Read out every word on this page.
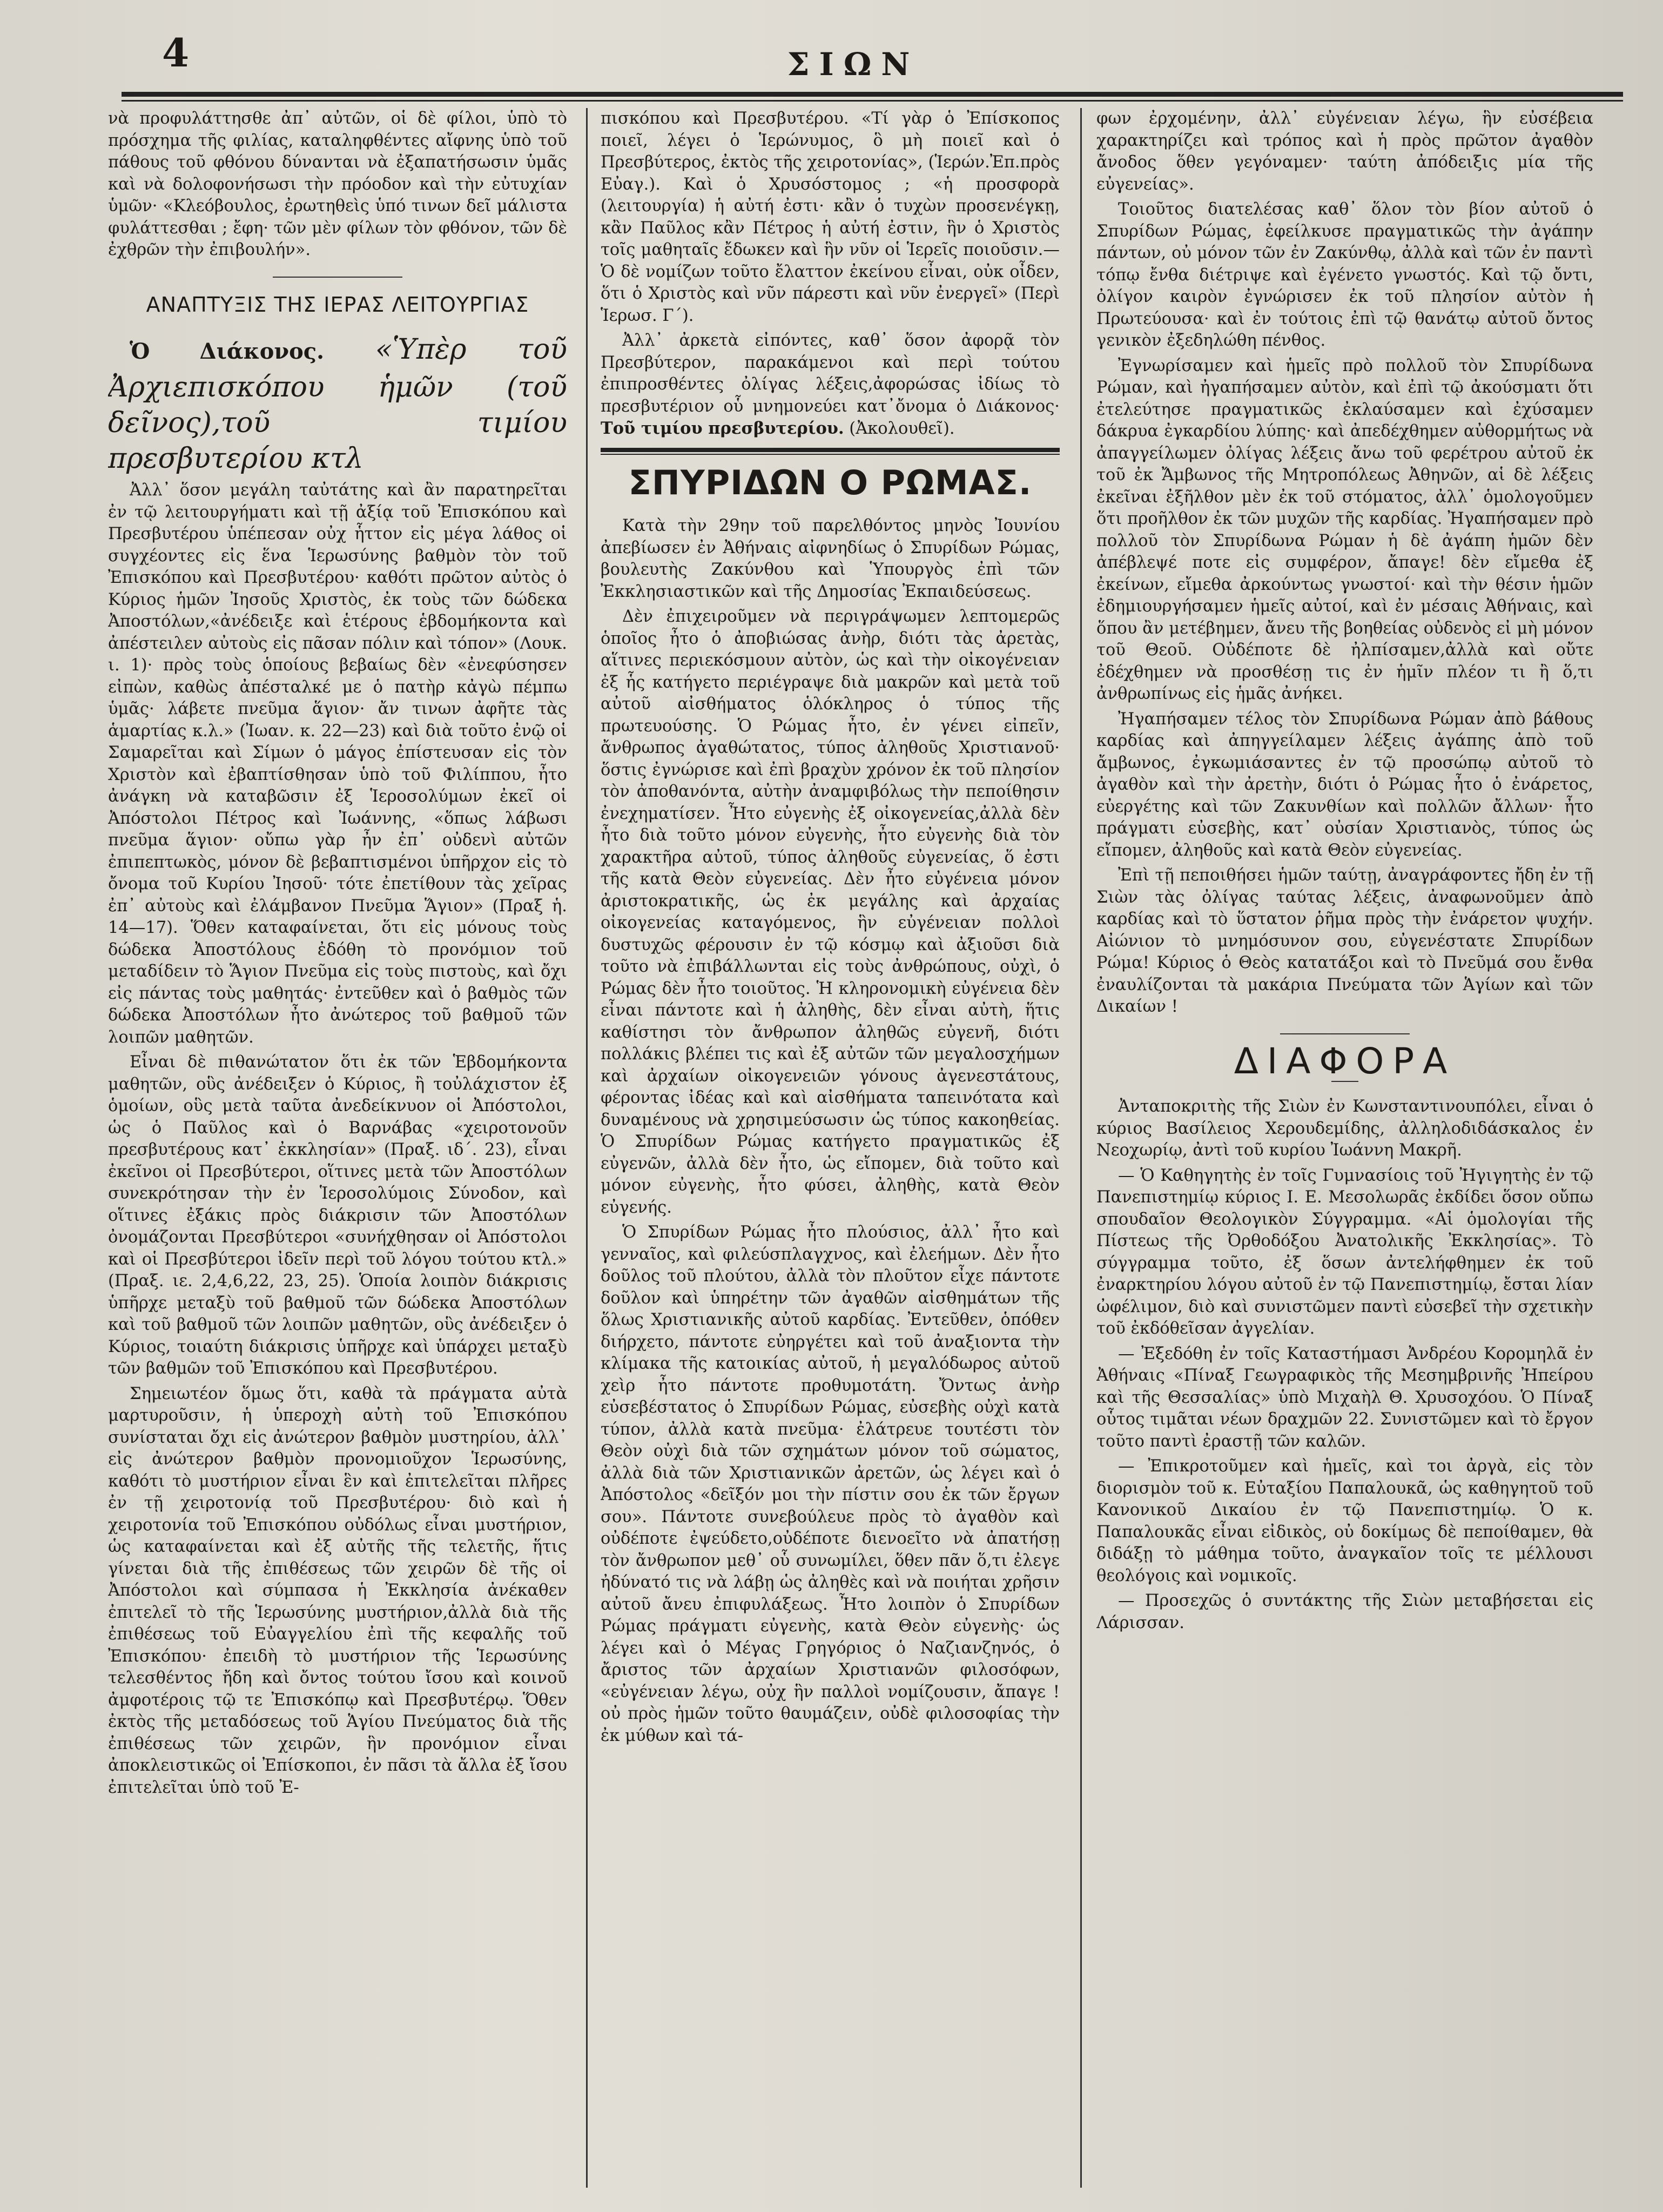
4	ΣΙΩΝ

νὰ προφυλάττησθε ἀπ᾽ αὐτῶν, οἱ δὲ φίλοι, ὑπὸ τὸ πρόσχημα τῆς φιλίας, καταληφθέντες αἴφνης ὑπὸ τοῦ πάθους τοῦ φθόνου δύνανται νὰ ἐξαπατήσωσιν ὑμᾶς καὶ νὰ δολοφονήσωσι τὴν πρόοδον καὶ τὴν εὐτυχίαν ὑμῶν· «Κλεόβουλος, ἐρωτηθεὶς ὑπό τινων δεῖ μάλιστα φυλάττεσθαι ; ἔφη· τῶν μὲν φίλων τὸν φθόνον, τῶν δὲ ἐχθρῶν τὴν ἐπιβουλήν».

ΑΝΑΠΤΥΞΙΣ ΤΗΣ ΙΕΡΑΣ ΛΕΙΤΟΥΡΓΙΑΣ

Ὁ Διάκονος. «Ὑπὲρ τοῦ Ἀρχιεπισκόπου ἡμῶν (τοῦ δεῖνος),τοῦ τιμίου πρεσβυτερίου κτλ

Ἀλλ᾽ ὅσον μεγάλη ταὐτάτης καὶ ἂν παρατηρεῖται ἐν τῷ λειτουργήματι καὶ τῇ ἀξίᾳ τοῦ Ἐπισκόπου καὶ Πρεσβυτέρου ὑπέπεσαν οὐχ ἧττον εἰς μέγα λάθος οἱ συγχέοντες εἰς ἕνα Ἱερωσύνης βαθμὸν τὸν τοῦ Ἐπισκόπου καὶ Πρεσβυτέρου· καθότι πρῶτον αὐτὸς ὁ Κύριος ἡμῶν Ἰησοῦς Χριστὸς, ἐκ τοὺς τῶν δώδεκα Ἀποστόλων,«ἀνέδειξε καὶ ἑτέρους ἑβδομήκοντα καὶ ἀπέστειλεν αὐτοὺς εἰς πᾶσαν πόλιν καὶ τόπον» (Λουκ. ι. 1)· πρὸς τοὺς ὁποίους βεβαίως δὲν «ἐνεφύσησεν εἰπὼν, καθὼς ἀπέσταλκέ με ὁ πατὴρ κἀγὼ πέμπω ὑμᾶς· λάβετε πνεῦμα ἅγιον· ἄν τινων ἀφῆτε τὰς ἁμαρτίας κ.λ.» (Ἰωαν. κ. 22—23) καὶ διὰ τοῦτο ἐνῷ οἱ Σαμαρεῖται καὶ Σίμων ὁ μάγος ἐπίστευσαν εἰς τὸν Χριστὸν καὶ ἐβαπτίσθησαν ὑπὸ τοῦ Φιλίππου, ἦτο ἀνάγκη νὰ καταβῶσιν ἐξ Ἱεροσολύμων ἐκεῖ οἱ Ἀπόστολοι Πέτρος καὶ Ἰωάννης, «ὅπως λάβωσι πνεῦμα ἅγιον· οὔπω γὰρ ἦν ἐπ᾽ οὐδενὶ αὐτῶν ἐπιπεπτωκὸς, μόνον δὲ βεβαπτισμένοι ὑπῆρχον εἰς τὸ ὄνομα τοῦ Κυρίου Ἰησοῦ· τότε ἐπετίθουν τὰς χεῖρας ἐπ᾽ αὐτοὺς καὶ ἐλάμβανον Πνεῦμα Ἅγιον» (Πραξ ἡ. 14—17). Ὅθεν καταφαίνεται, ὅτι εἰς μόνους τοὺς δώδεκα Ἀποστόλους ἐδόθη τὸ προνόμιον τοῦ μεταδίδειν τὸ Ἅγιον Πνεῦμα εἰς τοὺς πιστοὺς, καὶ ὄχι εἰς πάντας τοὺς μαθητάς· ἐντεῦθεν καὶ ὁ βαθμὸς τῶν δώδεκα Ἀποστόλων ἦτο ἀνώτερος τοῦ βαθμοῦ τῶν λοιπῶν μαθητῶν.

Εἶναι δὲ πιθανώτατον ὅτι ἐκ τῶν Ἑβδομήκοντα μαθητῶν, οὓς ἀνέδειξεν ὁ Κύριος, ἢ τοὐλάχιστον ἐξ ὁμοίων, οὓς μετὰ ταῦτα ἀνεδείκνυον οἱ Ἀπόστολοι, ὡς ὁ Παῦλος καὶ ὁ Βαρνάβας «χειροτονοῦν πρεσβυτέρους κατ᾽ ἐκκλησίαν» (Πραξ. ιδ΄. 23), εἶναι ἐκεῖνοι οἱ Πρεσβύτεροι, οἵτινες μετὰ τῶν Ἀποστόλων συνεκρότησαν τὴν ἐν Ἱεροσολύμοις Σύνοδον, καὶ οἵτινες ἐξάκις πρὸς διάκρισιν τῶν Ἀποστόλων ὀνομάζονται Πρεσβύτεροι «συνήχθησαν οἱ Ἀπόστολοι καὶ οἱ Πρεσβύτεροι ἰδεῖν περὶ τοῦ λόγου τούτου κτλ.» (Πραξ. ιε. 2,4,6,22, 23, 25). Ὁποία λοιπὸν διάκρισις ὑπῆρχε μεταξὺ τοῦ βαθμοῦ τῶν δώδεκα Ἀποστόλων καὶ τοῦ βαθμοῦ τῶν λοιπῶν μαθητῶν, οὓς ἀνέδειξεν ὁ Κύριος, τοιαύτη διάκρισις ὑπῆρχε καὶ ὑπάρχει μεταξὺ τῶν βαθμῶν τοῦ Ἐπισκόπου καὶ Πρεσβυτέρου.

Σημειωτέον ὅμως ὅτι, καθὰ τὰ πράγματα αὐτὰ μαρτυροῦσιν, ἡ ὑπεροχὴ αὐτὴ τοῦ Ἐπισκόπου συνίσταται ὄχι εἰς ἀνώτερον βαθμὸν μυστηρίου, ἀλλ᾽ εἰς ἀνώτερον βαθμὸν προνομιοῦχον Ἱερωσύνης, καθότι τὸ μυστήριον εἶναι ἓν καὶ ἐπιτελεῖται πλῆρες ἐν τῇ χειροτονίᾳ τοῦ Πρεσβυτέρου· διὸ καὶ ἡ χειροτονία τοῦ Ἐπισκόπου οὐδόλως εἶναι μυστήριον, ὡς καταφαίνεται καὶ ἐξ αὐτῆς τῆς τελετῆς, ἥτις γίνεται διὰ τῆς ἐπιθέσεως τῶν χειρῶν δὲ τῆς οἱ Ἀπόστολοι καὶ σύμπασα ἡ Ἐκκλησία ἀνέκαθεν ἐπιτελεῖ τὸ τῆς Ἱερωσύνης μυστήριον,ἀλλὰ διὰ τῆς ἐπιθέσεως τοῦ Εὐαγγελίου ἐπὶ τῆς κεφαλῆς τοῦ Ἐπισκόπου· ἐπειδὴ τὸ μυστήριον τῆς Ἱερωσύνης τελεσθέντος ἤδη καὶ ὄντος τούτου ἴσου καὶ κοινοῦ ἀμφοτέροις τῷ τε Ἐπισκόπῳ καὶ Πρεσβυτέρῳ. Ὅθεν ἐκτὸς τῆς μεταδόσεως τοῦ Ἁγίου Πνεύματος διὰ τῆς ἐπιθέσεως τῶν χειρῶν, ἣν προνόμιον εἶναι ἀποκλειστικῶς οἱ Ἐπίσκοποι, ἐν πᾶσι τὰ ἄλλα ἐξ ἴσου ἐπιτελεῖται ὑπὸ τοῦ Ἐ-

πισκόπου καὶ Πρεσβυτέρου. «Τί γὰρ ὁ Ἐπίσκοπος ποιεῖ, λέγει ὁ Ἱερώνυμος, ὃ μὴ ποιεῖ καὶ ὁ Πρεσβύτερος, ἐκτὸς τῆς χειροτονίας», (Ἱερών.Ἐπ.πρὸς Εὐαγ.). Καὶ ὁ Χρυσόστομος ; «ἡ προσφορὰ (λειτουργία) ἡ αὐτή ἐστι· κἂν ὁ τυχὼν προσενέγκῃ, κἂν Παῦλος κἂν Πέτρος ἡ αὐτή ἐστιν, ἣν ὁ Χριστὸς τοῖς μαθηταῖς ἔδωκεν καὶ ἣν νῦν οἱ Ἱερεῖς ποιοῦσιν.—Ὁ δὲ νομίζων τοῦτο ἔλαττον ἐκείνου εἶναι, οὐκ οἶδεν, ὅτι ὁ Χριστὸς καὶ νῦν πάρεστι καὶ νῦν ἐνεργεῖ» (Περὶ Ἱερωσ. Γ΄).

Ἀλλ᾽ ἀρκετὰ εἰπόντες, καθ᾽ ὅσον ἀφορᾷ τὸν Πρεσβύτερον, παρακάμενοι καὶ περὶ τούτου ἐπιπροσθέντες ὀλίγας λέξεις,ἀφορώσας ἰδίως τὸ πρεσβυτέριον οὗ μνημονεύει κατ᾽ὄνομα ὁ Διάκονος· Τοῦ τιμίου πρεσβυτερίου. (Ἀκολουθεῖ).

ΣΠΥΡΙΔΩΝ Ο ΡΩΜΑΣ.

Κατὰ τὴν 29ην τοῦ παρελθόντος μηνὸς Ἰουνίου ἀπεβίωσεν ἐν Ἀθήναις αἰφνηδίως ὁ Σπυρίδων Ρώμας, βουλευτὴς Ζακύνθου καὶ Ὑπουργὸς ἐπὶ τῶν Ἐκκλησιαστικῶν καὶ τῆς Δημοσίας Ἐκπαιδεύσεως.

Δὲν ἐπιχειροῦμεν νὰ περιγράψωμεν λεπτομερῶς ὁποῖος ἦτο ὁ ἀποβιώσας ἀνὴρ, διότι τὰς ἀρετὰς, αἵτινες περιεκόσμουν αὐτὸν, ὡς καὶ τὴν οἰκογένειαν ἐξ ἧς κατήγετο περιέγραψε διὰ μακρῶν καὶ μετὰ τοῦ αὐτοῦ αἰσθήματος ὁλόκληρος ὁ τύπος τῆς πρωτευούσης. Ὁ Ρώμας ἦτο, ἐν γένει εἰπεῖν, ἄνθρωπος ἀγαθώτατος, τύπος ἀληθοῦς Χριστιανοῦ· ὅστις ἐγνώρισε καὶ ἐπὶ βραχὺν χρόνον ἐκ τοῦ πλησίον τὸν ἀποθανόντα, αὐτὴν ἀναμφιβόλως τὴν πεποίθησιν ἐνεχηματίσεν. Ἦτο εὐγενὴς ἐξ οἰκογενείας,ἀλλὰ δὲν ἦτο διὰ τοῦτο μόνον εὐγενὴς, ἦτο εὐγενὴς διὰ τὸν χαρακτῆρα αὐτοῦ, τύπος ἀληθοῦς εὐγενείας, ὅ ἐστι τῆς κατὰ Θεὸν εὐγενείας. Δὲν ἦτο εὐγένεια μόνον ἀριστοκρατικῆς, ὡς ἐκ μεγάλης καὶ ἀρχαίας οἰκογενείας καταγόμενος, ἣν εὐγένειαν πολλοὶ δυστυχῶς φέρουσιν ἐν τῷ κόσμῳ καὶ ἀξιοῦσι διὰ τοῦτο νὰ ἐπιβάλλωνται εἰς τοὺς ἀνθρώπους, οὐχὶ, ὁ Ρώμας δὲν ἦτο τοιοῦτος. Ἡ κληρονομικὴ εὐγένεια δὲν εἶναι πάντοτε καὶ ἡ ἀληθὴς, δὲν εἶναι αὐτὴ, ἥτις καθίστησι τὸν ἄνθρωπον ἀληθῶς εὐγενῆ, διότι πολλάκις βλέπει τις καὶ ἐξ αὐτῶν τῶν μεγαλοσχήμων καὶ ἀρχαίων οἰκογενειῶν γόνους ἀγενεστάτους, φέροντας ἰδέας καὶ καὶ αἰσθήματα ταπεινότατα καὶ δυναμένους νὰ χρησιμεύσωσιν ὡς τύπος κακοηθείας. Ὁ Σπυρίδων Ρώμας κατήγετο πραγματικῶς ἐξ εὐγενῶν, ἀλλὰ δὲν ἦτο, ὡς εἴπομεν, διὰ τοῦτο καὶ μόνον εὐγενὴς, ἦτο φύσει, ἀληθὴς, κατὰ Θεὸν εὐγενής.

Ὁ Σπυρίδων Ρώμας ἦτο πλούσιος, ἀλλ᾽ ἦτο καὶ γενναῖος, καὶ φιλεύσπλαγχνος, καὶ ἐλεήμων. Δὲν ἦτο δοῦλος τοῦ πλούτου, ἀλλὰ τὸν πλοῦτον εἶχε πάντοτε δοῦλον καὶ ὑπηρέτην τῶν ἀγαθῶν αἰσθημάτων τῆς ὅλως Χριστιανικῆς αὐτοῦ καρδίας. Ἐντεῦθεν, ὁπόθεν διήρχετο, πάντοτε εὐηργέτει καὶ τοῦ ἀναξιοντα τὴν κλίμακα τῆς κατοικίας αὐτοῦ, ἡ μεγαλόδωρος αὐτοῦ χεὶρ ἦτο πάντοτε προθυμοτάτη. Ὄντως ἀνὴρ εὐσεβέστατος ὁ Σπυρίδων Ρώμας, εὐσεβὴς οὐχὶ κατὰ τύπον, ἀλλὰ κατὰ πνεῦμα· ἐλάτρευε τουτέστι τὸν Θεὸν οὐχὶ διὰ τῶν σχημάτων μόνον τοῦ σώματος, ἀλλὰ διὰ τῶν Χριστιανικῶν ἀρετῶν, ὡς λέγει καὶ ὁ Ἀπόστολος «δεῖξόν μοι τὴν πίστιν σου ἐκ τῶν ἔργων σου». Πάντοτε συνεβούλευε πρὸς τὸ ἀγαθὸν καὶ οὐδέποτε ἐψεύδετο,οὐδέποτε διενοεῖτο νὰ ἀπατήσῃ τὸν ἄνθρωπον μεθ᾽ οὗ συνωμίλει, ὅθεν πᾶν ὅ,τι ἐλεγε ἠδύνατό τις νὰ λάβῃ ὡς ἀληθὲς καὶ νὰ ποιήται χρῆσιν αὐτοῦ ἄνευ ἐπιφυλάξεως. Ἦτο λοιπὸν ὁ Σπυρίδων Ρώμας πράγματι εὐγενὴς, κατὰ Θεὸν εὐγενὴς· ὡς λέγει καὶ ὁ Μέγας Γρηγόριος ὁ Ναζιανζηνός, ὁ ἄριστος τῶν ἀρχαίων Χριστιανῶν φιλοσόφων, «εὐγένειαν λέγω, οὐχ ἣν παλλοὶ νομίζουσιν, ἄπαγε ! οὐ πρὸς ἡμῶν τοῦτο θαυμάζειν, οὐδὲ φιλοσοφίας τὴν ἐκ μύθων καὶ τά-

φων ἐρχομένην, ἀλλ᾽ εὐγένειαν λέγω, ἣν εὐσέβεια χαρακτηρίζει καὶ τρόπος καὶ ἡ πρὸς πρῶτον ἀγαθὸν ἄνοδος ὅθεν γεγόναμεν· ταύτη ἀπόδειξις μία τῆς εὐγενείας».

Τοιοῦτος διατελέσας καθ᾽ ὅλον τὸν βίον αὐτοῦ ὁ Σπυρίδων Ρώμας, ἐφείλκυσε πραγματικῶς τὴν ἀγάπην πάντων, οὐ μόνον τῶν ἐν Ζακύνθῳ, ἀλλὰ καὶ τῶν ἐν παντὶ τόπῳ ἔνθα διέτριψε καὶ ἐγένετο γνωστός. Καὶ τῷ ὄντι, ὀλίγον καιρὸν ἐγνώρισεν ἐκ τοῦ πλησίον αὐτὸν ἡ Πρωτεύουσα· καὶ ἐν τούτοις ἐπὶ τῷ θανάτῳ αὐτοῦ ὄντος γενικὸν ἐξεδηλώθη πένθος.

Ἐγνωρίσαμεν καὶ ἡμεῖς πρὸ πολλοῦ τὸν Σπυρίδωνα Ρώμαν, καὶ ἠγαπήσαμεν αὐτὸν, καὶ ἐπὶ τῷ ἀκούσματι ὅτι ἐτελεύτησε πραγματικῶς ἐκλαύσαμεν καὶ ἐχύσαμεν δάκρυα ἐγκαρδίου λύπης· καὶ ἀπεδέχθημεν αὐθορμήτως νὰ ἀπαγγείλωμεν ὀλίγας λέξεις ἄνω τοῦ φερέτρου αὐτοῦ ἐκ τοῦ ἐκ Ἄμβωνος τῆς Μητροπόλεως Ἀθηνῶν, αἱ δὲ λέξεις ἐκεῖναι ἐξῆλθον μὲν ἐκ τοῦ στόματος, ἀλλ᾽ ὁμολογοῦμεν ὅτι προῆλθον ἐκ τῶν μυχῶν τῆς καρδίας. Ἠγαπήσαμεν πρὸ πολλοῦ τὸν Σπυρίδωνα Ρώμαν ἡ δὲ ἀγάπη ἡμῶν δὲν ἀπέβλεψέ ποτε εἰς συμφέρον, ἄπαγε! δὲν εἴμεθα ἐξ ἐκείνων, εἴμεθα ἀρκούντως γνωστοί· καὶ τὴν θέσιν ἡμῶν ἐδημιουργήσαμεν ἡμεῖς αὐτοί, καὶ ἐν μέσαις Ἀθήναις, καὶ ὅπου ἂν μετέβημεν, ἄνευ τῆς βοηθείας οὐδενὸς εἰ μὴ μόνον τοῦ Θεοῦ. Οὐδέποτε δὲ ἠλπίσαμεν,ἀλλὰ καὶ οὔτε ἐδέχθημεν νὰ προσθέσῃ τις ἐν ἡμῖν πλέον τι ἢ ὅ,τι ἀνθρωπίνως εἰς ἡμᾶς ἀνήκει.

Ἠγαπήσαμεν τέλος τὸν Σπυρίδωνα Ρώμαν ἀπὸ βάθους καρδίας καὶ ἀπηγγείλαμεν λέξεις ἀγάπης ἀπὸ τοῦ ἄμβωνος, ἐγκωμιάσαντες ἐν τῷ προσώπῳ αὐτοῦ τὸ ἀγαθὸν καὶ τὴν ἀρετὴν, διότι ὁ Ρώμας ἦτο ὁ ἐνάρετος, εὐεργέτης καὶ τῶν Ζακυνθίων καὶ πολλῶν ἄλλων· ἦτο πράγματι εὐσεβὴς, κατ᾽ οὐσίαν Χριστιανὸς, τύπος ὡς εἴπομεν, ἀληθοῦς καὶ κατὰ Θεὸν εὐγενείας.

Ἐπὶ τῇ πεποιθήσει ἡμῶν ταύτῃ, ἀναγράφοντες ἤδη ἐν τῇ Σιὼν τὰς ὀλίγας ταύτας λέξεις, ἀναφωνοῦμεν ἀπὸ καρδίας καὶ τὸ ὕστατον ῥῆμα πρὸς τὴν ἐνάρετον ψυχήν. Αἰώνιον τὸ μνημόσυνον σου, εὐγενέστατε Σπυρίδων Ρώμα! Κύριος ὁ Θεὸς κατατάξοι καὶ τὸ Πνεῦμά σου ἔνθα ἐναυλίζονται τὰ μακάρια Πνεύματα τῶν Ἁγίων καὶ τῶν Δικαίων !

ΔΙΑΦΟΡΑ

Ἀνταποκριτὴς τῆς Σιὼν ἐν Κωνσταντινουπόλει, εἶναι ὁ κύριος Βασίλειος Χερουδεμίδης, ἀλληλοδιδάσκαλος ἐν Νεοχωρίῳ, ἀντὶ τοῦ κυρίου Ἰωάννη Μακρῆ.

— Ὁ Καθηγητὴς ἐν τοῖς Γυμνασίοις τοῦ Ἠγιγητὴς ἐν τῷ Πανεπιστημίῳ κύριος Ι. Ε. Μεσολωρᾶς ἐκδίδει ὅσον οὔπω σπουδαῖον Θεολογικὸν Σύγγραμμα. «Αἱ ὁμολογίαι τῆς Πίστεως τῆς Ὀρθοδόξου Ἀνατολικῆς Ἐκκλησίας». Τὸ σύγγραμμα τοῦτο, ἐξ ὅσων ἀντελήφθημεν ἐκ τοῦ ἐναρκτηρίου λόγου αὐτοῦ ἐν τῷ Πανεπιστημίῳ, ἔσται λίαν ὠφέλιμον, διὸ καὶ συνιστῶμεν παντὶ εὐσεβεῖ τὴν σχετικὴν τοῦ ἐκδόθεῖσαν ἀγγελίαν.

— Ἐξεδόθη ἐν τοῖς Καταστήμασι Ἀνδρέου Κορομηλᾶ ἐν Ἀθήναις «Πίναξ Γεωγραφικὸς τῆς Μεσημβρινῆς Ἠπείρου καὶ τῆς Θεσσαλίας» ὑπὸ Μιχαὴλ Θ. Χρυσοχόου. Ὁ Πίναξ οὗτος τιμᾶται νέων δραχμῶν 22. Συνιστῶμεν καὶ τὸ ἔργον τοῦτο παντὶ ἐραστῇ τῶν καλῶν.

— Ἐπικροτοῦμεν καὶ ἡμεῖς, καὶ τοι ἀργὰ, εἰς τὸν διορισμὸν τοῦ κ. Εὐταξίου Παπαλουκᾶ, ὡς καθηγητοῦ τοῦ Κανονικοῦ Δικαίου ἐν τῷ Πανεπιστημίῳ. Ὁ κ. Παπαλουκᾶς εἶναι εἰδικὸς, οὐ δοκίμως δὲ πεποίθαμεν, θὰ διδάξῃ τὸ μάθημα τοῦτο, ἀναγκαῖον τοῖς τε μέλλουσι θεολόγοις καὶ νομικοῖς.

— Προσεχῶς ὁ συντάκτης τῆς Σιὼν μεταβήσεται εἰς Λάρισσαν.
